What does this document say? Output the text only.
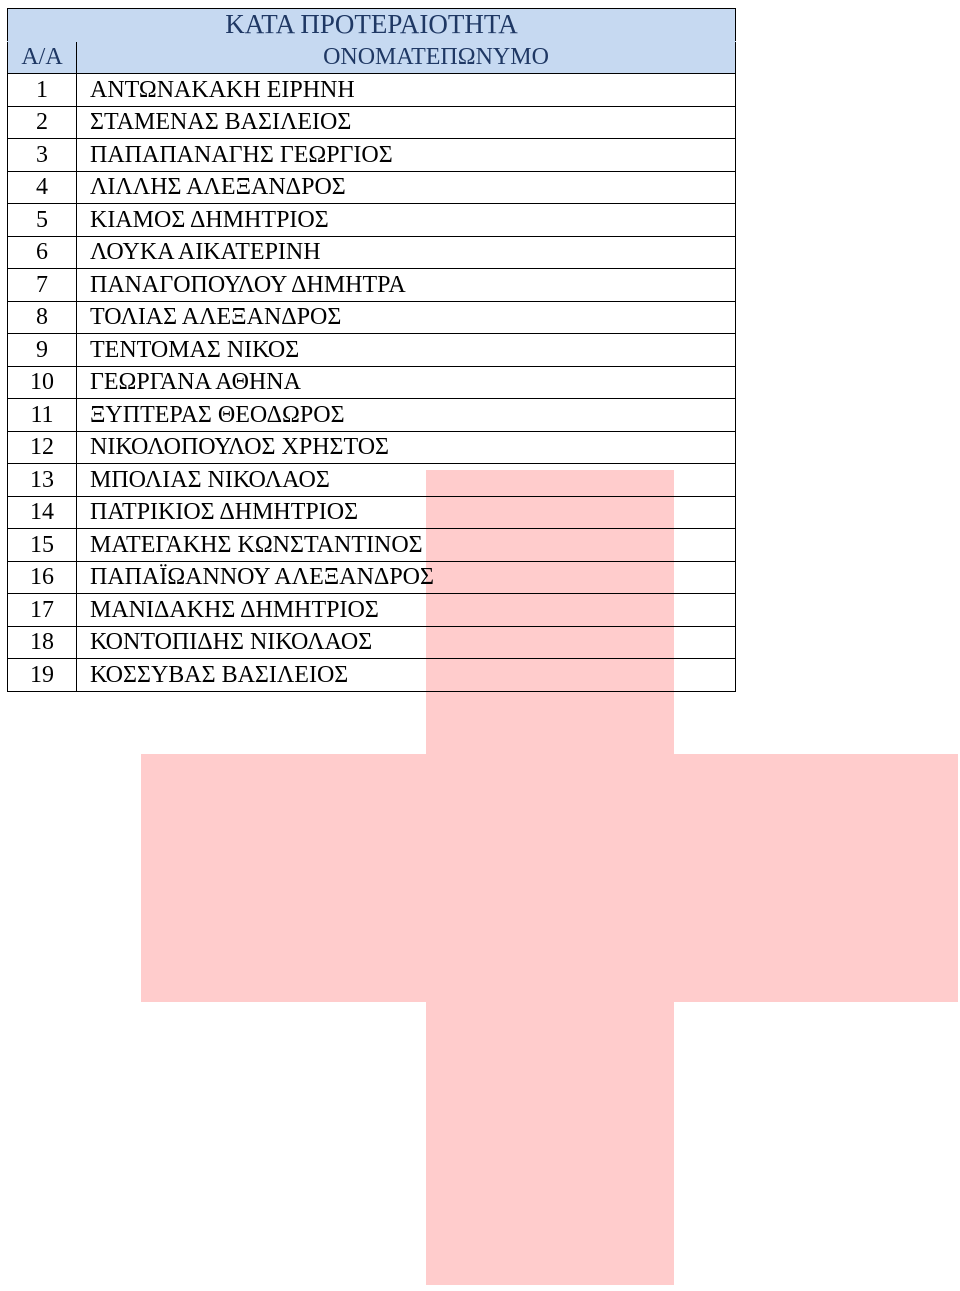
ΚΑΤΑ ΠΡΟΤΕΡΑΙΟΤΗΤΑ	
Α/Α	ΟΝΟΜΑΤΕΠΩΝΥΜΟ
1	ΑΝΤΩΝΑΚΑΚΗ ΕΙΡΗΝΗ
2	ΣΤΑΜΕΝΑΣ ΒΑΣΙΛΕΙΟΣ
3	ΠΑΠΑΠΑΝΑΓΗΣ ΓΕΩΡΓΙΟΣ
4	ΛΙΛΛΗΣ ΑΛΕΞΑΝΔΡΟΣ
5	ΚΙΑΜΟΣ ΔΗΜΗΤΡΙΟΣ
6	ΛΟΥΚΑ ΑΙΚΑΤΕΡΙΝΗ
7	ΠΑΝΑΓΟΠΟΥΛΟΥ ΔΗΜΗΤΡΑ
8	ΤΟΛΙΑΣ ΑΛΕΞΑΝΔΡΟΣ
9	ΤΕΝΤΟΜΑΣ ΝΙΚΟΣ
10	ΓΕΩΡΓΑΝΑ ΑΘΗΝΑ
11	ΞΥΠΤΕΡΑΣ ΘΕΟΔΩΡΟΣ
12	ΝΙΚΟΛΟΠΟΥΛΟΣ ΧΡΗΣΤΟΣ
13	ΜΠΟΛΙΑΣ ΝΙΚΟΛΑΟΣ
14	ΠΑΤΡΙΚΙΟΣ ΔΗΜΗΤΡΙΟΣ
15	ΜΑΤΕΓΑΚΗΣ ΚΩΝΣΤΑΝΤΙΝΟΣ
16	ΠΑΠΑΪΩΑΝΝΟΥ ΑΛΕΞΑΝΔΡΟΣ
17	ΜΑΝΙΔΑΚΗΣ ΔΗΜΗΤΡΙΟΣ
18	ΚΟΝΤΟΠΙΔΗΣ ΝΙΚΟΛΑΟΣ
19	ΚΟΣΣΥΒΑΣ ΒΑΣΙΛΕΙΟΣ
